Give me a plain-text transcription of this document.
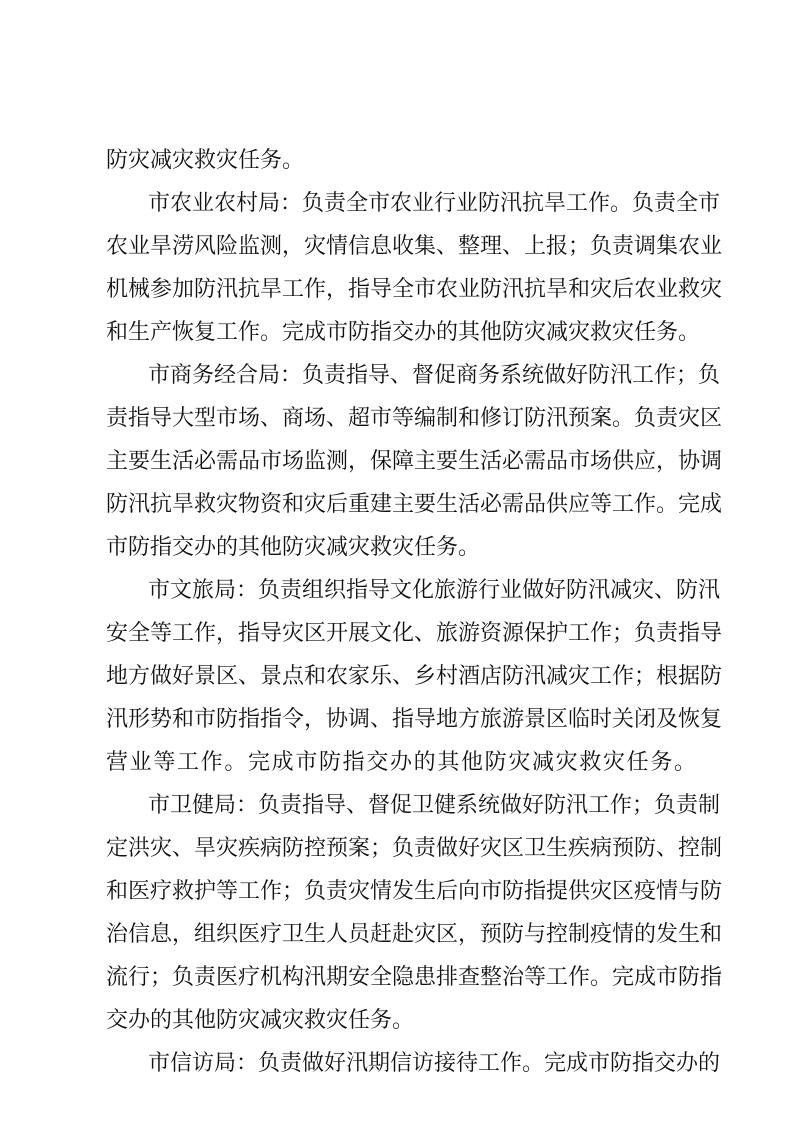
防灾减灾救灾任务。
市农业农村局：负责全市农业行业防汛抗旱工作。负责全市
农业旱涝风险监测，灾情信息收集、整理、上报；负责调集农业
机械参加防汛抗旱工作，指导全市农业防汛抗旱和灾后农业救灾
和生产恢复工作。完成市防指交办的其他防灾减灾救灾任务。
市商务经合局：负责指导、督促商务系统做好防汛工作；负
责指导大型市场、商场、超市等编制和修订防汛预案。负责灾区
主要生活必需品市场监测，保障主要生活必需品市场供应，协调
防汛抗旱救灾物资和灾后重建主要生活必需品供应等工作。完成
市防指交办的其他防灾减灾救灾任务。
市文旅局：负责组织指导文化旅游行业做好防汛减灾、防汛
安全等工作，指导灾区开展文化、旅游资源保护工作；负责指导
地方做好景区、景点和农家乐、乡村酒店防汛减灾工作；根据防
汛形势和市防指指令，协调、指导地方旅游景区临时关闭及恢复
营业等工作。完成市防指交办的其他防灾减灾救灾任务。
市卫健局：负责指导、督促卫健系统做好防汛工作；负责制
定洪灾、旱灾疾病防控预案；负责做好灾区卫生疾病预防、控制
和医疗救护等工作；负责灾情发生后向市防指提供灾区疫情与防
治信息，组织医疗卫生人员赶赴灾区，预防与控制疫情的发生和
流行；负责医疗机构汛期安全隐患排查整治等工作。完成市防指
交办的其他防灾减灾救灾任务。
市信访局：负责做好汛期信访接待工作。完成市防指交办的
